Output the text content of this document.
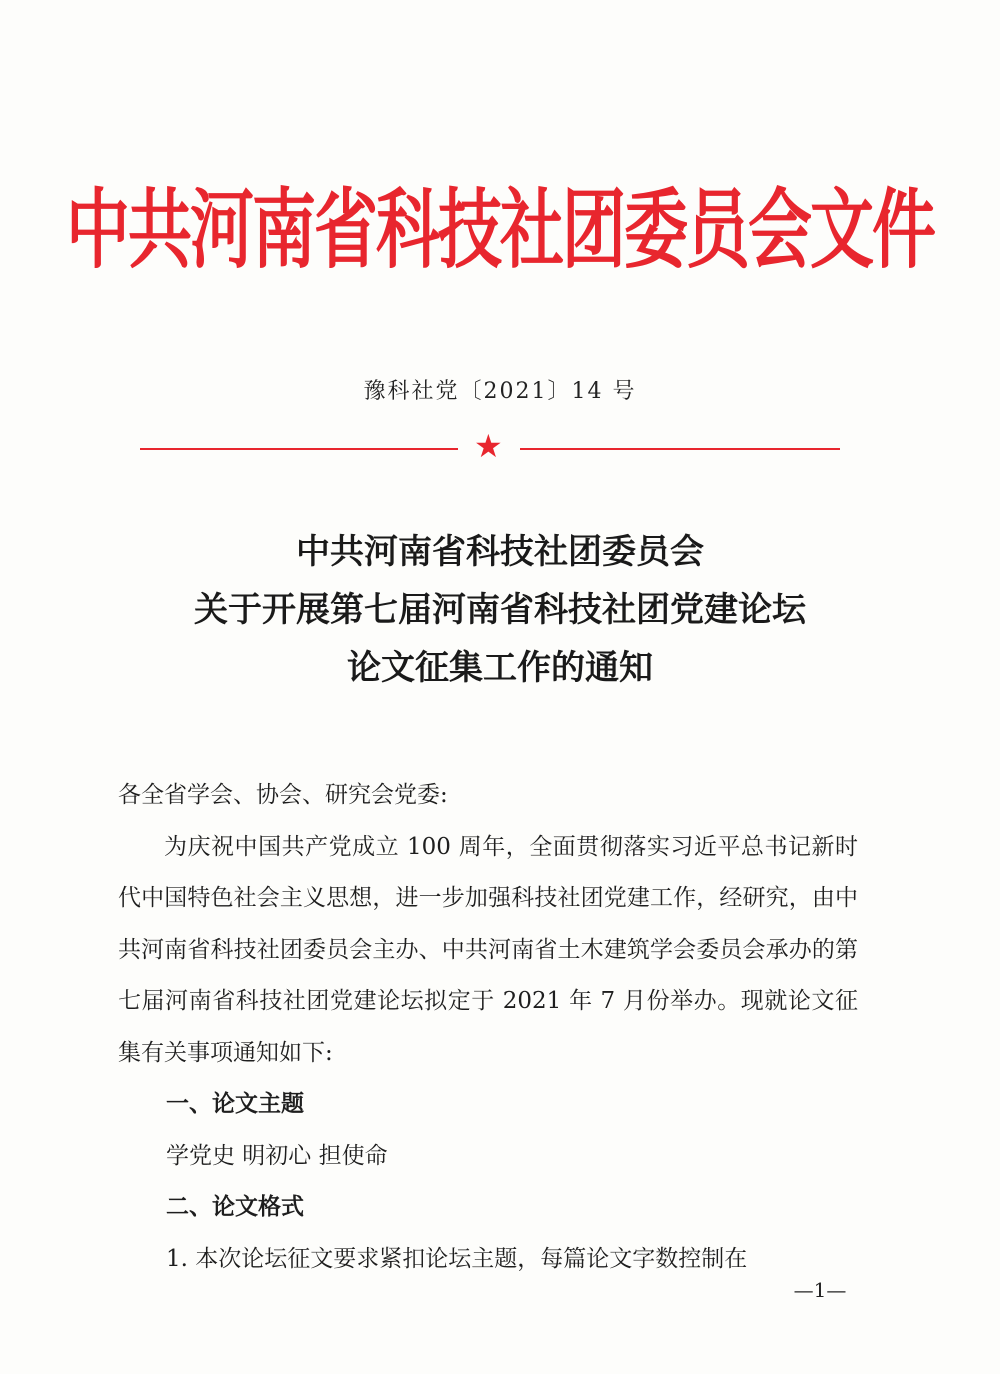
中共河南省科技社团委员会文件
豫科社党〔2021〕14 号
★
中共河南省科技社团委员会
关于开展第七届河南省科技社团党建论坛
论文征集工作的通知

各全省学会、协会、研究会党委:

为庆祝中国共产党成立 100 周年，全面贯彻落实习近平总书记新时代中国特色社会主义思想，进一步加强科技社团党建工作，经研究，由中共河南省科技社团委员会主办、中共河南省土木建筑学会委员会承办的第七届河南省科技社团党建论坛拟定于 2021 年 7 月份举办。现就论文征集有关事项通知如下:

一、论文主题

学党史 明初心 担使命

二、论文格式

1. 本次论坛征文要求紧扣论坛主题，每篇论文字数控制在

—1—
